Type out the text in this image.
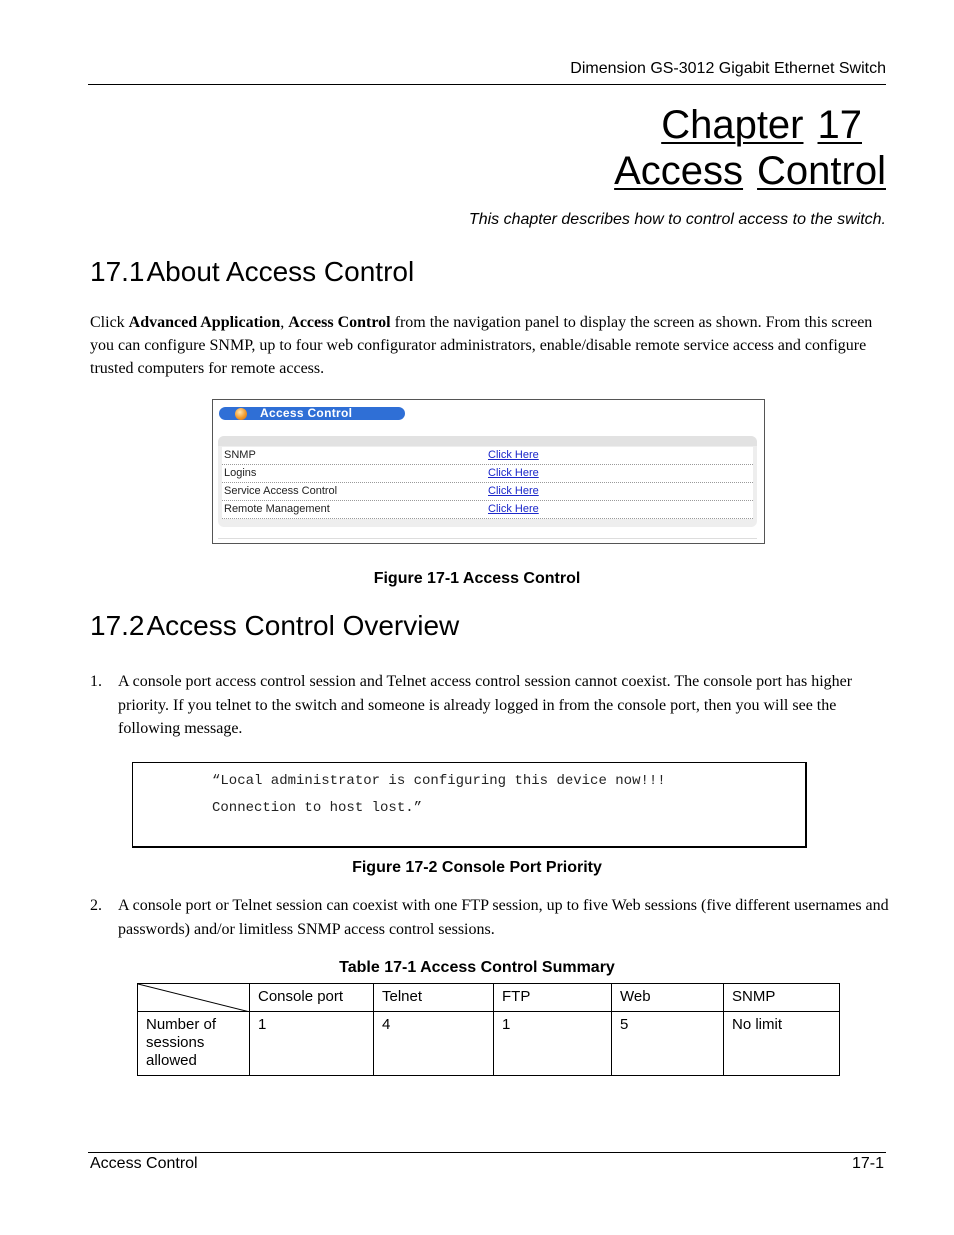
Dimension GS-3012 Gigabit Ethernet Switch
Chapter 17
Access Control
This chapter describes how to control access to the switch.
17.1About Access Control
Click Advanced Application, Access Control from the navigation panel to display the screen as shown. From this screen you can configure SNMP, up to four web configurator administrators, enable/disable remote service access and configure trusted computers for remote access.
Access Control
SNMP	Click Here
Logins	Click Here
Service Access Control	Click Here
Remote Management	Click Here
Figure 17-1 Access Control
17.2Access Control Overview
1. A console port access control session and Telnet access control session cannot coexist. The console port has higher priority. If you telnet to the switch and someone is already logged in from the console port, then you will see the following message.
“Local administrator is configuring this device now!!!
Connection to host lost.”
Figure 17-2 Console Port Priority
2. A console port or Telnet session can coexist with one FTP session, up to five Web sessions (five different usernames and passwords) and/or limitless SNMP access control sessions.
Table 17-1 Access Control Summary
	Console port	Telnet	FTP	Web	SNMP
Number of sessions allowed	1	4	1	5	No limit
Access Control	17-1
